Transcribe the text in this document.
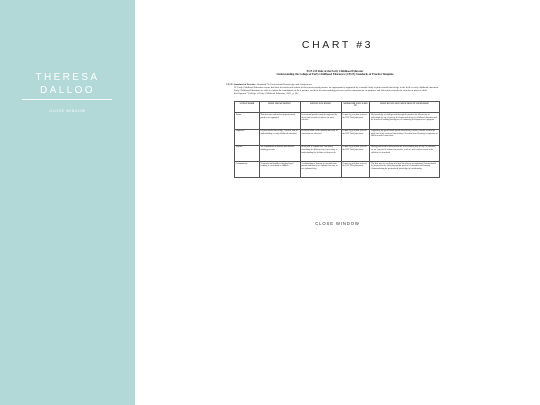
THERESA
DALLOO
CLOSE WINDOW
CHART #3
ECE 225 Role of the Early Childhood Educator
Understanding the College of Early Childhood Educators (CECE) Standards of Practice Template
CECE Standard of Practice: Standard IV: Professional Knowledge and Competence
IV. Early Childhood Educators ensure that their decisions and actions in their professional practice are appropriately supported by a suitable body of professional knowledge in the field of early childhood education. Early Childhood Educators are able to explain the foundations of their practice and their decision-making processes and to communicate in purposes and other professionals the benefits of play for child development" (College of Early Childhood Educators, 2011, p. 20).
ACTION WORD	WHAT ARE WE DOING?	WHY DO YOU KNOW?	WHERE DID YOU LEARN IT?	WHAT DO YOU SEE? WHAT DOES IT SOUND LIKE?
Ensure	That decisions and actions in professional practice are supported	Professional practice must be supported by theory and research in order to be most effective	Course by year plan; notes of the ECE Field placement	My knowledge of child growth through the practice has allowed me to understand the use of proven developmental theory in childhood education and the benefit of building intelligence to continuing development as a program
Supported	By professional knowledge, research, and an understanding of early childhood education	Decisions made in the moment and early in curriculum are observed	Course by year plan; notes of the ECE Field placement	Supporting my professional growth with theory, research, and the field helps guide me in my work and observations. Ten-class based learning is important as children make connections
Explain	The foundations of practice and decision making processes	Being able to explain why I am doing something the different way is necessary in understanding the children of their needs.	Course by year plan; notes of the ECE Field placement	During past theories that a person has been children play all day. An educator, we are expected to inform our practice, teach to, and connect content to the children it is beneficial
Communicate	To parents and families why play based learning is a beneficial to children	A relationship of honesty is essential from parents and family are explained on why we are explained why	Course by year plan; notes of the ECE Field placement	The best way we can learn is to have the play as we important. Parents should be prepared of the child play and the process of education and learning. Communicating the professional knowledge in a relationship
CLOSE WINDOW
